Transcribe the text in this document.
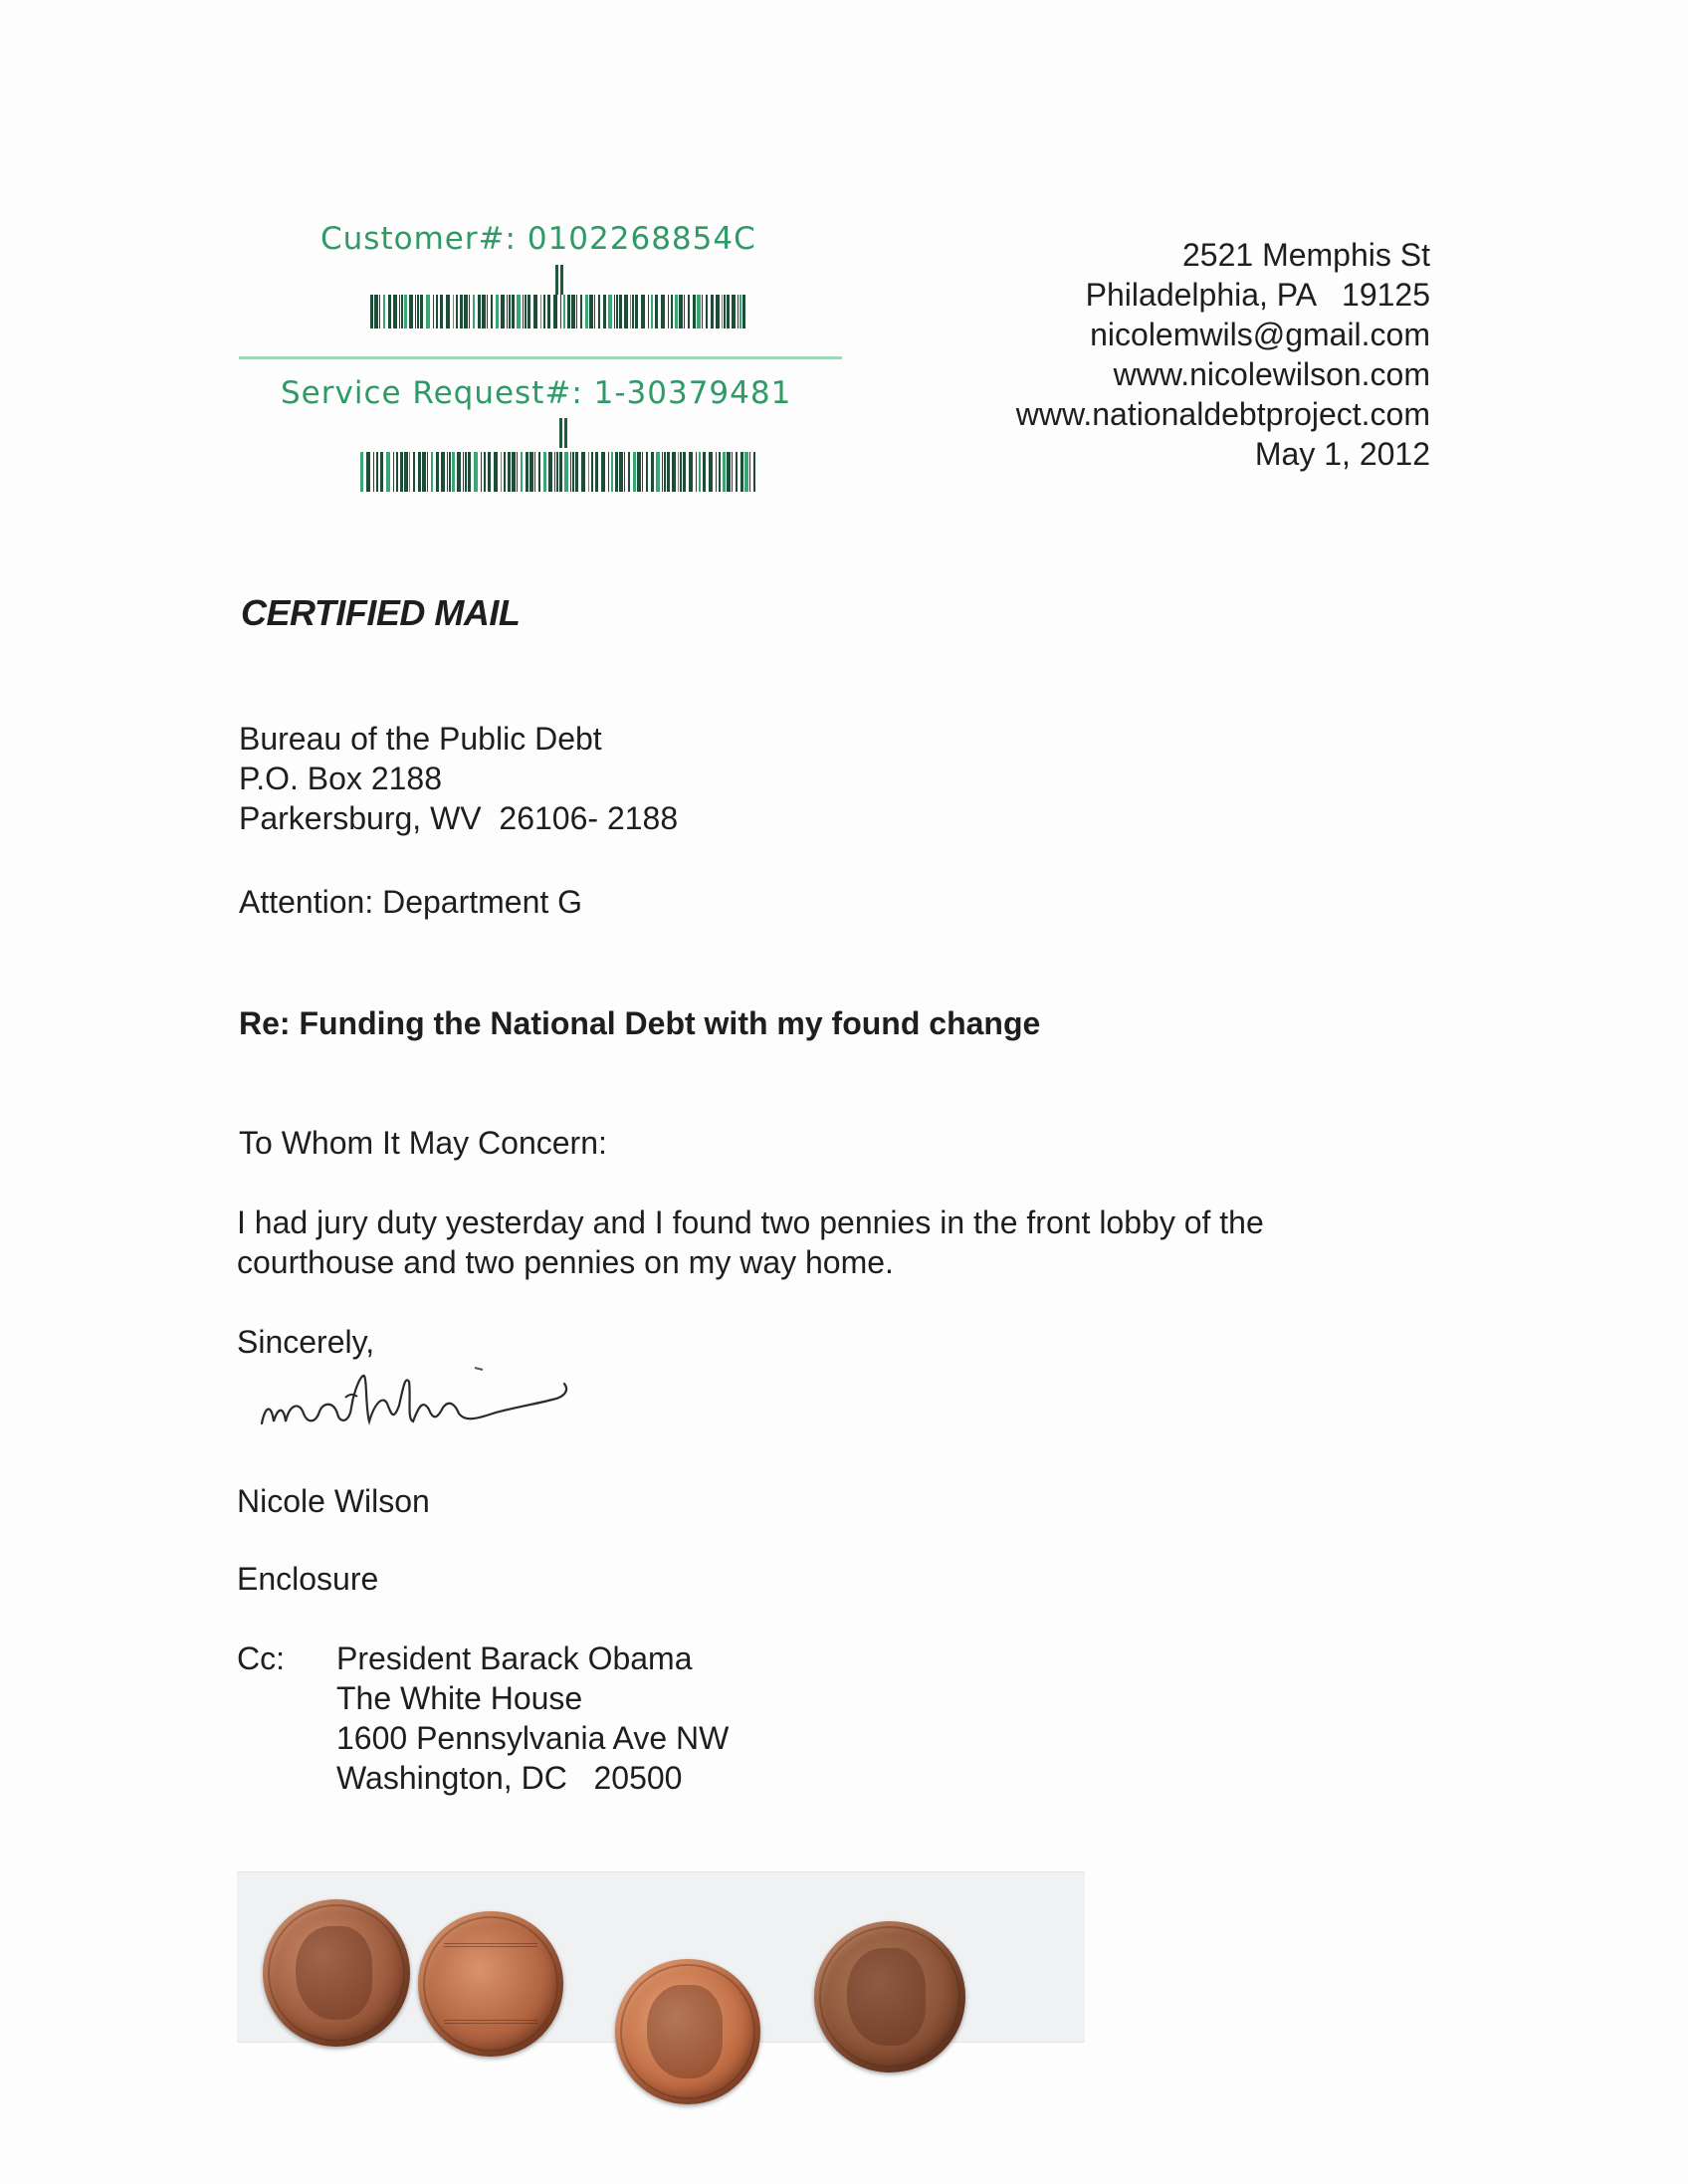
Customer#: 0102268854C
Service Request#: 1-30379481
2521 Memphis St
Philadelphia, PA   19125
nicolemwils@gmail.com
www.nicolewilson.com
www.nationaldebtproject.com
May 1, 2012
CERTIFIED MAIL
Bureau of the Public Debt
P.O. Box 2188
Parkersburg, WV  26106- 2188
Attention: Department G
Re: Funding the National Debt with my found change
To Whom It May Concern:
I had jury duty yesterday and I found two pennies in the front lobby of the
courthouse and two pennies on my way home.
Sincerely,
Nicole Wilson
Enclosure
Cc: President Barack Obama
The White House
1600 Pennsylvania Ave NW
Washington, DC   20500
